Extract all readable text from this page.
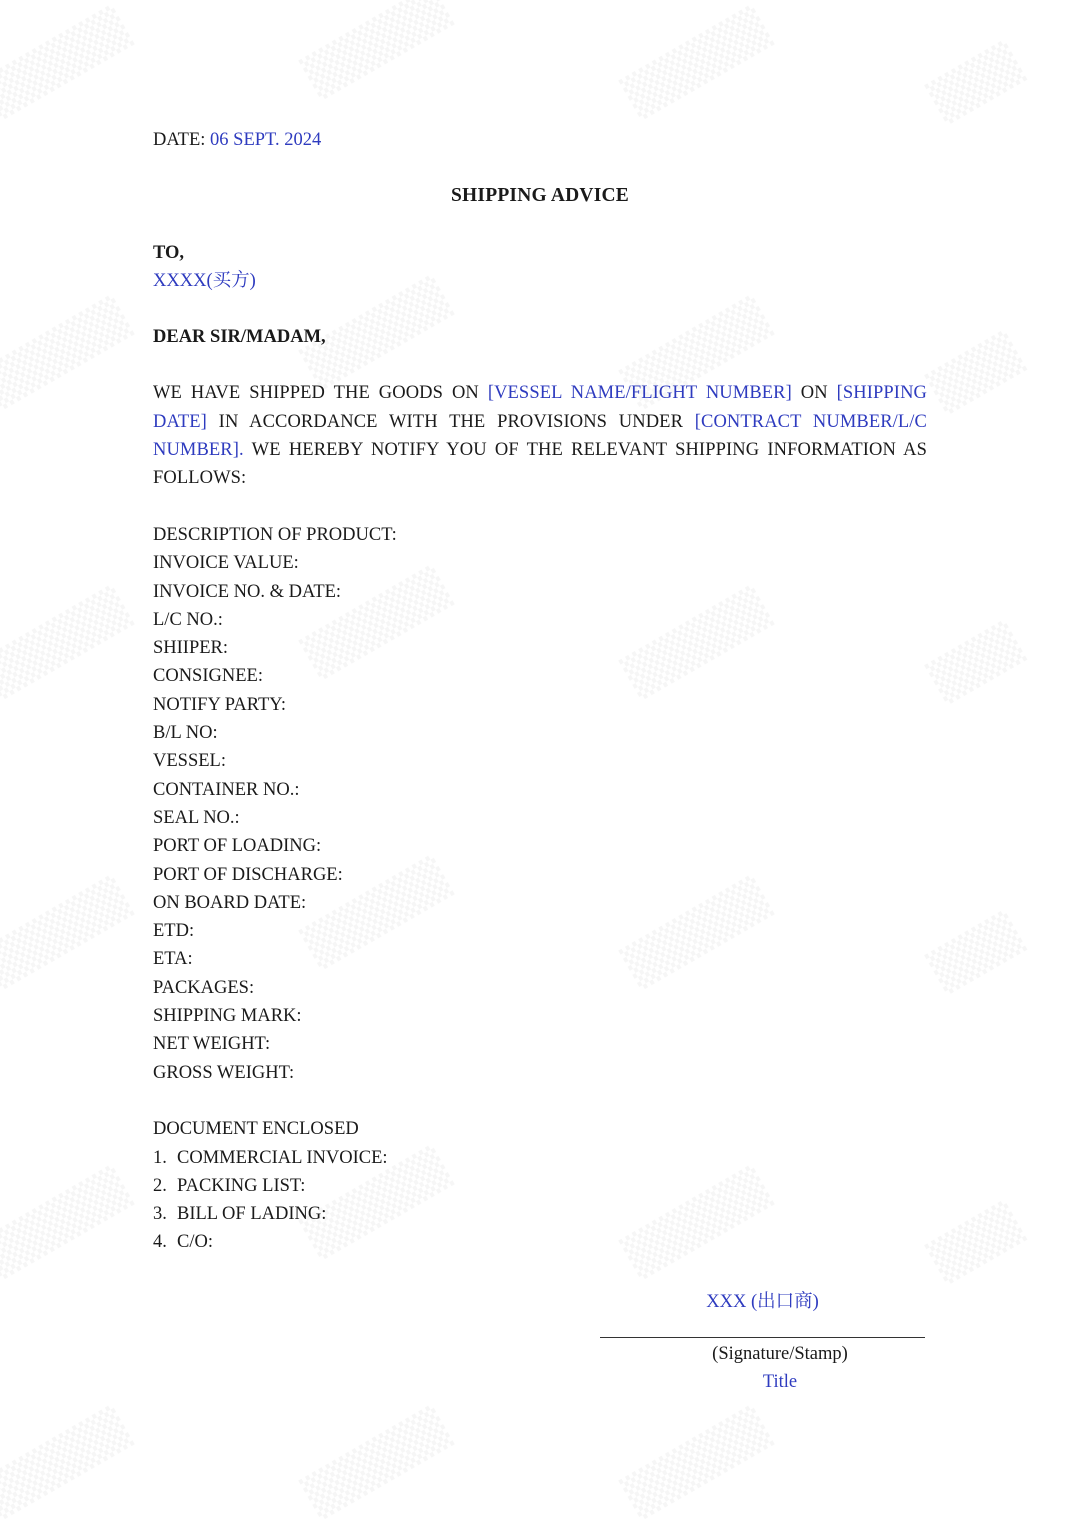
DATE: 06 SEPT. 2024

SHIPPING ADVICE
TO,
XXXX(买方)
DEAR SIR/MADAM,
WE HAVE SHIPPED THE GOODS ON [VESSEL NAME/FLIGHT NUMBER] ON [SHIPPING DATE] IN ACCORDANCE WITH THE PROVISIONS UNDER [CONTRACT NUMBER/L/C NUMBER]. WE HEREBY NOTIFY YOU OF THE RELEVANT SHIPPING INFORMATION AS FOLLOWS:
DESCRIPTION OF PRODUCT:
INVOICE VALUE:
INVOICE NO. & DATE:
L/C NO.:
SHIIPER:
CONSIGNEE:
NOTIFY PARTY:
B/L NO:
VESSEL:
CONTAINER NO.:
SEAL NO.:
PORT OF LOADING:
PORT OF DISCHARGE:
ON BOARD DATE:
ETD:
ETA:
PACKAGES:
SHIPPING MARK:
NET WEIGHT:
GROSS WEIGHT:
DOCUMENT ENCLOSED
1. COMMERCIAL INVOICE:
2. PACKING LIST:
3. BILL OF LADING:
4. C/O:
XXX (出口商)
(Signature/Stamp)
Title
